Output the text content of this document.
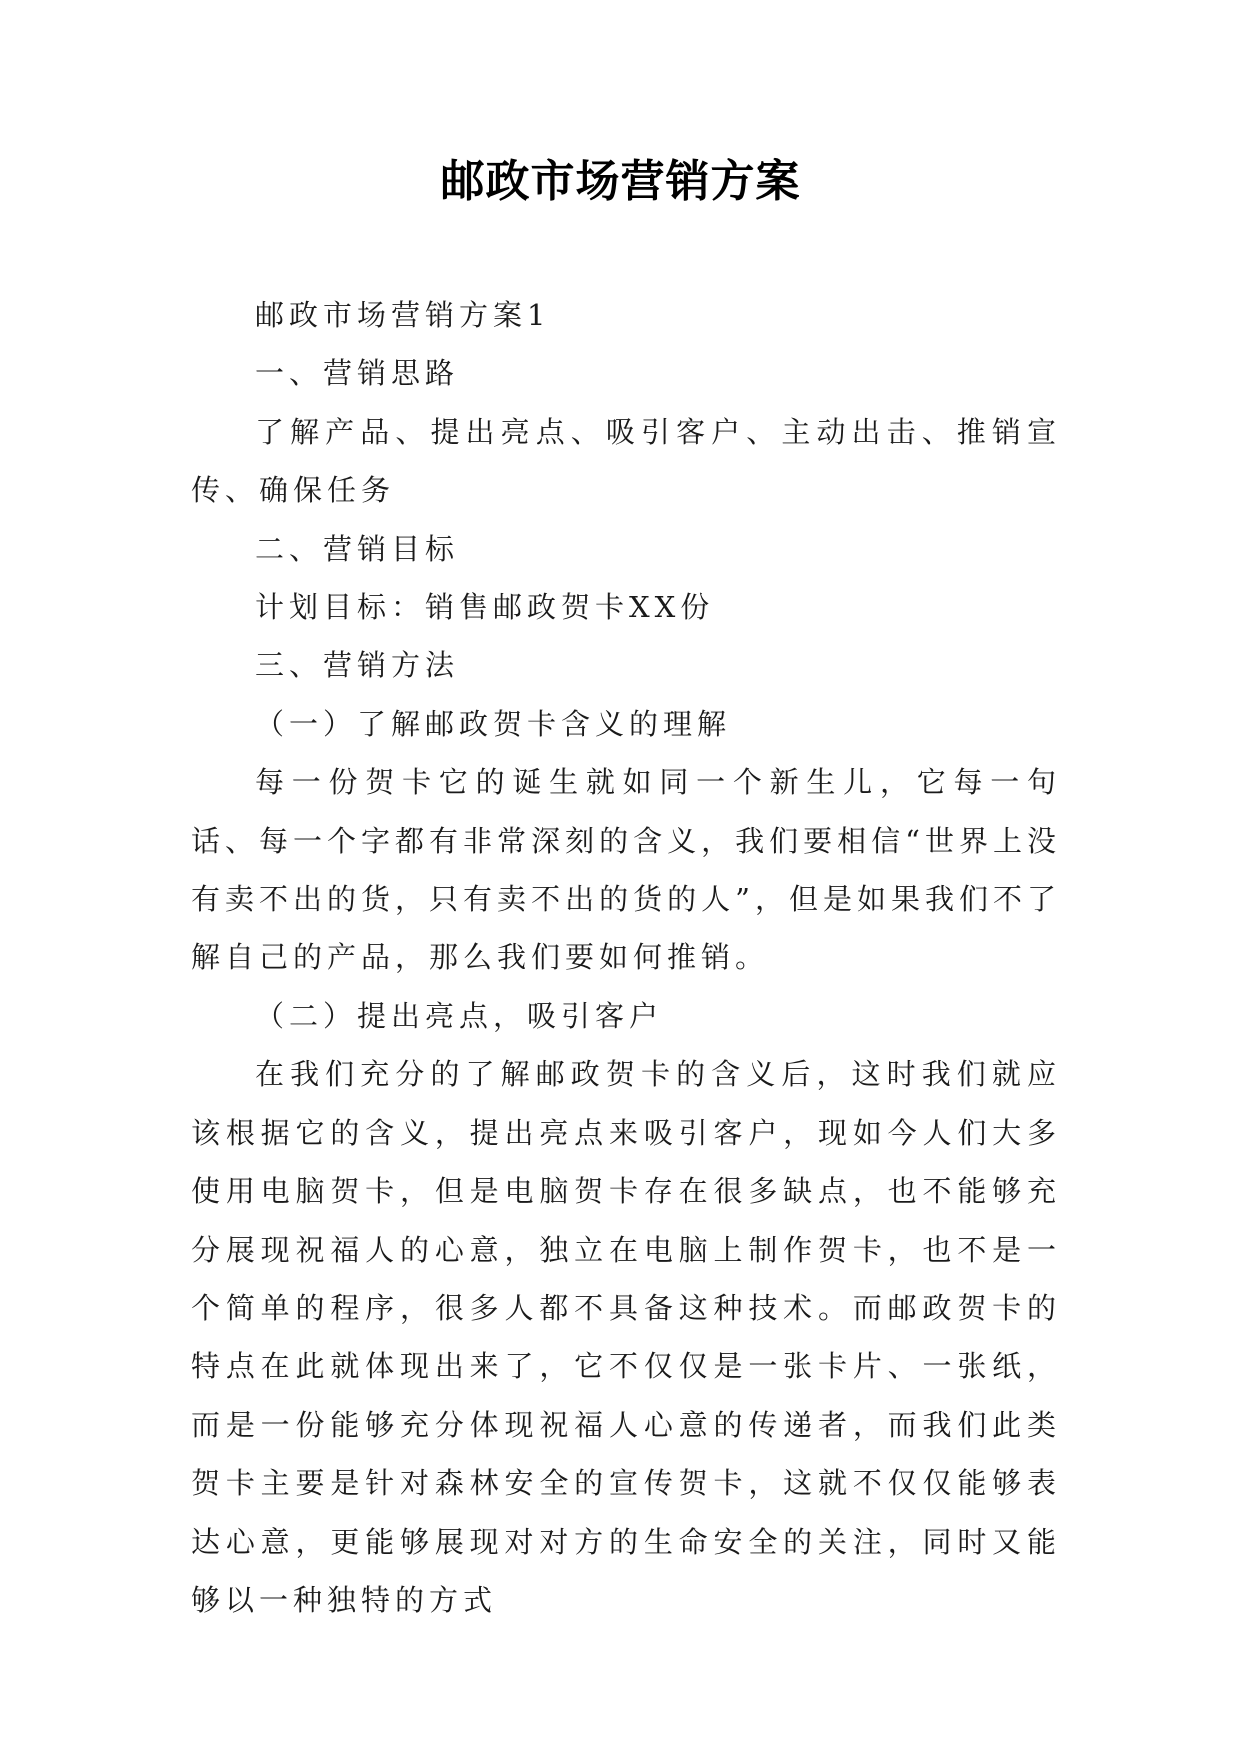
邮政市场营销方案

邮政市场营销方案1

一、营销思路

了解产品、提出亮点、吸引客户、主动出击、推销宣传、确保任务

二、营销目标

计划目标：销售邮政贺卡XX份

三、营销方法

（一）了解邮政贺卡含义的理解

每一份贺卡它的诞生就如同一个新生儿，它每一句话、每一个字都有非常深刻的含义，我们要相信“世界上没有卖不出的货，只有卖不出的货的人”，但是如果我们不了解自己的产品，那么我们要如何推销。

（二）提出亮点，吸引客户

在我们充分的了解邮政贺卡的含义后，这时我们就应该根据它的含义，提出亮点来吸引客户，现如今人们大多使用电脑贺卡，但是电脑贺卡存在很多缺点，也不能够充分展现祝福人的心意，独立在电脑上制作贺卡，也不是一个简单的程序，很多人都不具备这种技术。而邮政贺卡的特点在此就体现出来了，它不仅仅是一张卡片、一张纸，而是一份能够充分体现祝福人心意的传递者，而我们此类贺卡主要是针对森林安全的宣传贺卡，这就不仅仅能够表达心意，更能够展现对对方的生命安全的关注，同时又能够以一种独特的方式
